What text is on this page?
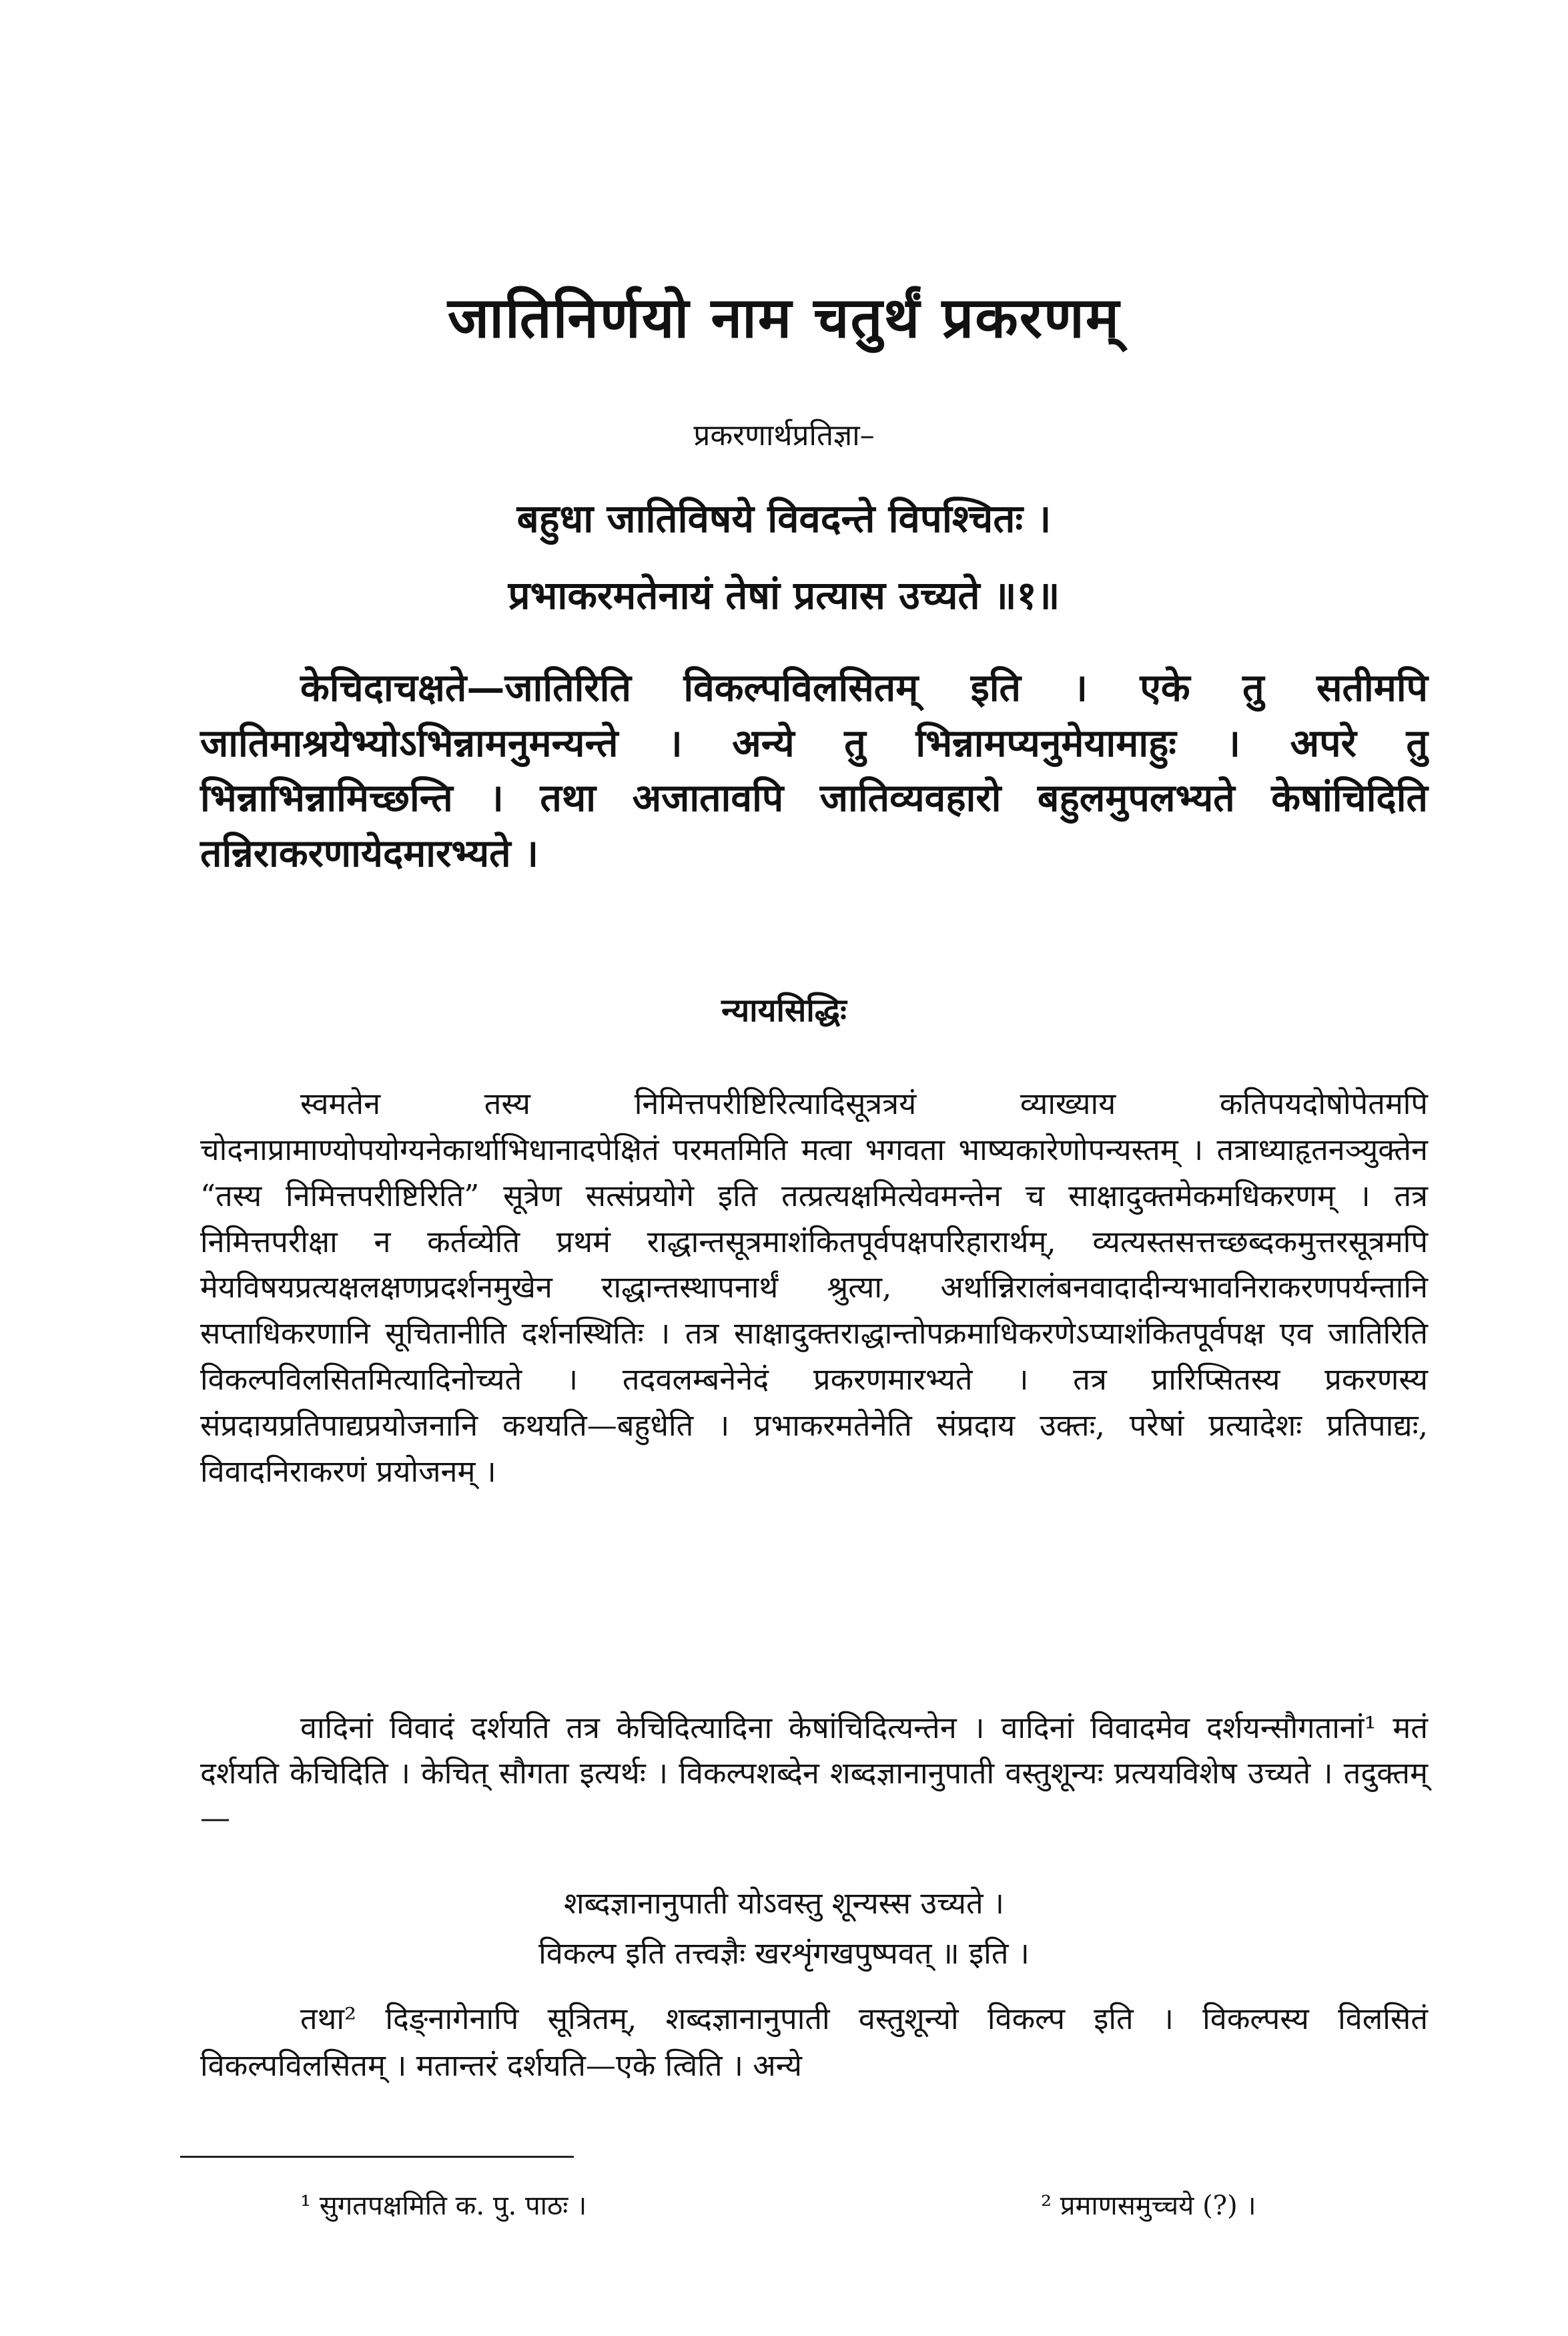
जातिनिर्णयो नाम चतुर्थं प्रकरणम्
प्रकरणार्थप्रतिज्ञा–
बहुधा जातिविषये विवदन्ते विपश्चितः ।
प्रभाकरमतेनायं तेषां प्रत्यास उच्यते ॥१॥
केचिदाचक्षते—जातिरिति विकल्पविलसितम् इति । एके तु सतीमपि जातिमाश्रयेभ्योऽभिन्नामनुमन्यन्ते । अन्ये तु भिन्नामप्यनुमेयामाहुः । अपरे तु भिन्नाभिन्नामिच्छन्ति । तथा अजातावपि जातिव्यवहारो बहुलमुपलभ्यते केषांचिदिति तन्निराकरणायेदमारभ्यते ।
न्यायसिद्धिः
स्वमतेन तस्य निमित्तपरीष्टिरित्यादिसूत्रत्रयं व्याख्याय कतिपयदोषोपेतमपि चोदनाप्रामाण्योपयोग्यनेकार्थाभिधानादपेक्षितं परमतमिति मत्वा भगवता भाष्यकारेणोपन्यस्तम् । तत्राध्याहृतनञ्युक्तेन “तस्य निमित्तपरीष्टिरिति” सूत्रेण सत्संप्रयोगे इति तत्प्रत्यक्षमित्येवमन्तेन च साक्षादुक्तमेकमधिकरणम् । तत्र निमित्तपरीक्षा न कर्तव्येति प्रथमं राद्धान्तसूत्रमाशंकितपूर्वपक्षपरिहारार्थम्, व्यत्यस्तसत्तच्छब्दकमुत्तरसूत्रमपि मेयविषयप्रत्यक्षलक्षणप्रदर्शनमुखेन राद्धान्तस्थापनार्थं श्रुत्या, अर्थान्निरालंबनवादादीन्यभावनिराकरणपर्यन्तानि सप्ताधिकरणानि सूचितानीति दर्शनस्थितिः । तत्र साक्षादुक्तराद्धान्तोपक्रमाधिकरणेऽप्याशंकितपूर्वपक्ष एव जातिरिति विकल्पविलसितमित्यादिनोच्यते । तदवलम्बनेनेदं प्रकरणमारभ्यते । तत्र प्रारिप्सितस्य प्रकरणस्य संप्रदायप्रतिपाद्यप्रयोजनानि कथयति—बहुधेति । प्रभाकरमतेनेति संप्रदाय उक्तः, परेषां प्रत्यादेशः प्रतिपाद्यः, विवादनिराकरणं प्रयोजनम् ।
वादिनां विवादं दर्शयति तत्र केचिदित्यादिना केषांचिदित्यन्तेन । वादिनां विवादमेव दर्शयन्सौगतानां¹ मतं दर्शयति केचिदिति । केचित् सौगता इत्यर्थः । विकल्पशब्देन शब्दज्ञानानुपाती वस्तुशून्यः प्रत्ययविशेष उच्यते । तदुक्तम्—
शब्दज्ञानानुपाती योऽवस्तु शून्यस्स उच्यते ।
विकल्प इति तत्त्वज्ञैः खरशृंगखपुष्पवत् ॥ इति ।
तथा² दिङ्नागेनापि सूत्रितम्, शब्दज्ञानानुपाती वस्तुशून्यो विकल्प इति । विकल्पस्य विलसितं विकल्पविलसितम् । मतान्तरं दर्शयति—एके त्विति । अन्ये
¹ सुगतपक्षमिति क. पु. पाठः ।	² प्रमाणसमुच्चये (?) ।
